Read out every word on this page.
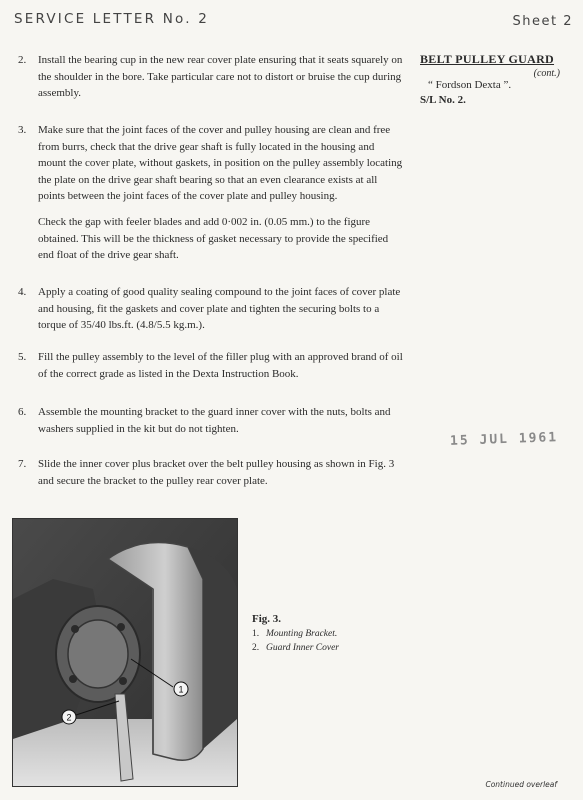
SERVICE LETTER No. 2	Sheet 2
BELT PULLEY GUARD
(cont.)
“ Fordson Dexta ”.
S/L No. 2.
2. Install the bearing cup in the new rear cover plate ensuring that it seats squarely on the shoulder in the bore. Take particular care not to distort or bruise the cup during assembly.
3. Make sure that the joint faces of the cover and pulley housing are clean and free from burrs, check that the drive gear shaft is fully located in the housing and mount the cover plate, without gaskets, in position on the pulley assembly locating the plate on the drive gear shaft bearing so that an even clearance exists at all points between the joint faces of the cover plate and pulley housing.
Check the gap with feeler blades and add 0·002 in. (0.05 mm.) to the figure obtained. This will be the thickness of gasket necessary to provide the specified end float of the drive gear shaft.
4. Apply a coating of good quality sealing compound to the joint faces of cover plate and housing, fit the gaskets and cover plate and tighten the securing bolts to a torque of 35/40 lbs.ft. (4.8/5.5 kg.m.).
5. Fill the pulley assembly to the level of the filler plug with an approved brand of oil of the correct grade as listed in the Dexta Instruction Book.
6. Assemble the mounting bracket to the guard inner cover with the nuts, bolts and washers supplied in the kit but do not tighten.
7. Slide the inner cover plus bracket over the belt pulley housing as shown in Fig. 3 and secure the bracket to the pulley rear cover plate.
15 JUL 1961
1
2
Fig. 3.
1. Mounting Bracket.
2. Guard Inner Cover
Continued overleaf
